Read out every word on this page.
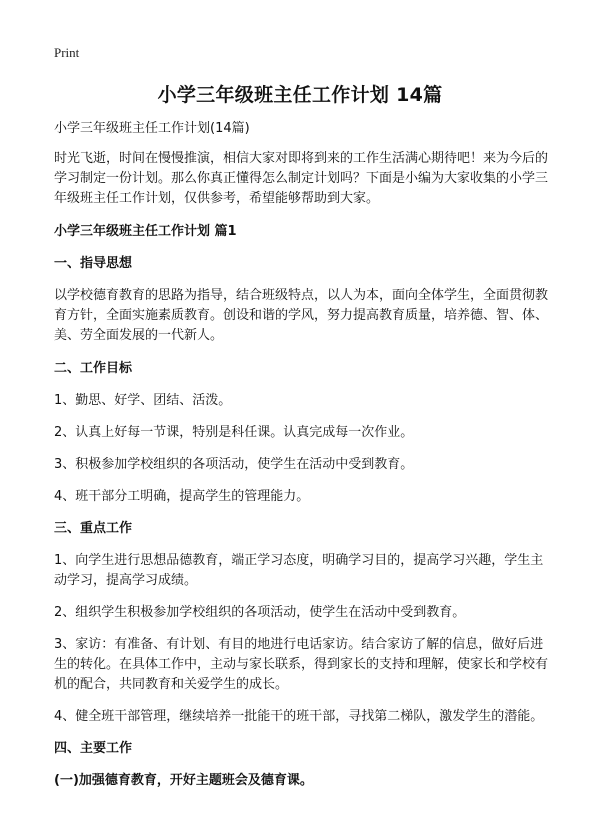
Print
小学三年级班主任工作计划 14篇

小学三年级班主任工作计划(14篇)

时光飞逝，时间在慢慢推演，相信大家对即将到来的工作生活满心期待吧！来为今后的学习制定一份计划。那么你真正懂得怎么制定计划吗？下面是小编为大家收集的小学三年级班主任工作计划，仅供参考，希望能够帮助到大家。

小学三年级班主任工作计划 篇1

一、指导思想

以学校德育教育的思路为指导，结合班级特点，以人为本，面向全体学生，全面贯彻教育方针，全面实施素质教育。创设和谐的学风，努力提高教育质量，培养德、智、体、美、劳全面发展的一代新人。

二、工作目标

1、勤思、好学、团结、活泼。

2、认真上好每一节课，特别是科任课。认真完成每一次作业。

3、积极参加学校组织的各项活动，使学生在活动中受到教育。

4、班干部分工明确，提高学生的管理能力。

三、重点工作

1、向学生进行思想品德教育，端正学习态度，明确学习目的，提高学习兴趣，学生主动学习，提高学习成绩。

2、组织学生积极参加学校组织的各项活动，使学生在活动中受到教育。

3、家访：有准备、有计划、有目的地进行电话家访。结合家访了解的信息，做好后进生的转化。在具体工作中，主动与家长联系，得到家长的支持和理解，使家长和学校有机的配合，共同教育和关爱学生的成长。

4、健全班干部管理，继续培养一批能干的班干部，寻找第二梯队，激发学生的潜能。

四、主要工作

(一)加强德育教育，开好主题班会及德育课。
